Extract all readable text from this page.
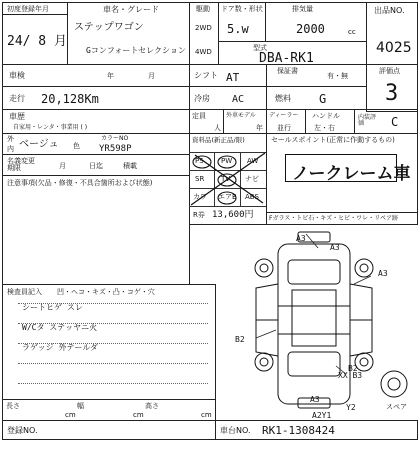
初度登録年月
24/ 8 月
車名・グレード
ステップワゴン
Gコンフォートセレクション
駆動
2WD
4WD
ドア数・形状
5.w
排気量
2000	cc
型式
DBA-RK1
出品NO.
4025
車検	年	月	シフト AT	保証書
有・無
評価点
3
走行 20,128Km	冷房 AC	燃料 G
車歴
自家用・レンタ・事業用 ( )
定員
人
外車モデル
年
ディーラー
並行
ハンドル
左・右
内装評価	C
外
内 ベージュ 色
カラーNO
YR598P
名義変更期限	月	日迄	積載
注意事項(欠品・修復・不具合箇所および状態)
資料品(新正品/限)
PS PW AW
SR TV ナビ
カワ エアB ABS
R券 13,600円
セールスポイント(正常に作動するもの)
ノークレーム車
Fガラス・トビ石・キズ・ヒビ・ワレ・リペア跡
検査員記入 凹・ヘコ・キズ・凸・コゲ・穴
シートヒゲ スレ
W/Cタ ステッヤニ火
ラゲッジ 外テールダ
A3
A3
B2
A3
XX B3
B2
A3
Y2
A2Y1
スペア
長さ
cm
幅
cm
高さ
cm
登録NO.	車台NO. RK1-1308424
